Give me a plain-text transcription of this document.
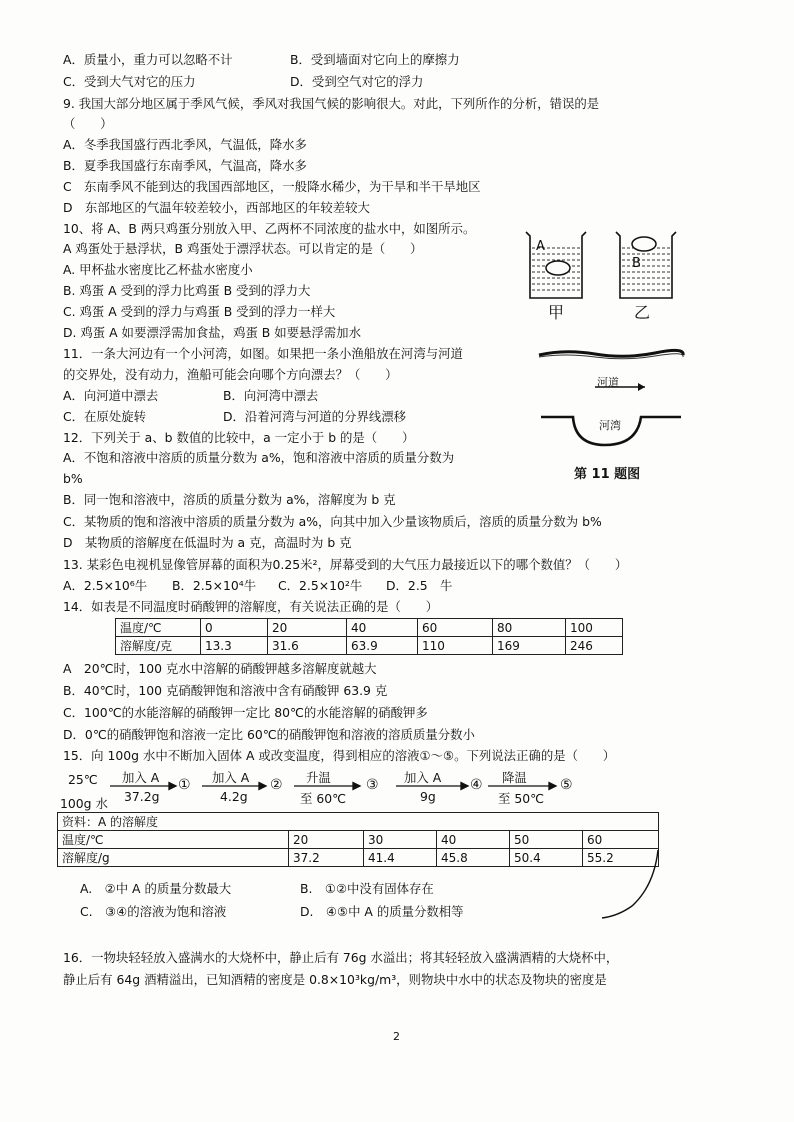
A．质量小，重力可以忽略不计	B．受到墙面对它向上的摩擦力
C．受到大气对它的压力	D．受到空气对它的浮力
9. 我国大部分地区属于季风气候，季风对我国气候的影响很大。对此，下列所作的分析，错误的是
（　　）
A．冬季我国盛行西北季风，气温低，降水多
B．夏季我国盛行东南季风，气温高，降水多
C　东南季风不能到达的我国西部地区，一般降水稀少，为干旱和半干旱地区
D　东部地区的气温年较差较小，西部地区的年较差较大
10、将 A、B 两只鸡蛋分别放入甲、乙两杯不同浓度的盐水中，如图所示。
A 鸡蛋处于悬浮状，B 鸡蛋处于漂浮状态。可以肯定的是（　　）
A. 甲杯盐水密度比乙杯盐水密度小
B. 鸡蛋 A 受到的浮力比鸡蛋 B 受到的浮力大
C. 鸡蛋 A 受到的浮力与鸡蛋 B 受到的浮力一样大
D. 鸡蛋 A 如要漂浮需加食盐，鸡蛋 B 如要悬浮需加水
A
B
甲	乙
11．一条大河边有一个小河湾，如图。如果把一条小渔船放在河湾与河道
的交界处，没有动力，渔船可能会向哪个方向漂去？（　　）
A．向河道中漂去	B．向河湾中漂去
C．在原处旋转	D．沿着河湾与河道的分界线漂移
河道
河湾
第 11 题图
12．下列关于 a、b 数值的比较中，a 一定小于 b 的是（　　）
A．不饱和溶液中溶质的质量分数为 a%，饱和溶液中溶质的质量分数为
b%
B．同一饱和溶液中，溶质的质量分数为 a%，溶解度为 b 克
C．某物质的饱和溶液中溶质的质量分数为 a%，向其中加入少量该物质后，溶质的质量分数为 b%
D　某物质的溶解度在低温时为 a 克，高温时为 b 克
13. 某彩色电视机显像管屏幕的面积为0.25米²，屏幕受到的大气压力最接近以下的哪个数值？（　　）
A．2.5×10⁶牛 B．2.5×10⁴牛 C．2.5×10²牛 D．2.5　牛
14．如表是不同温度时硝酸钾的溶解度，有关说法正确的是（　　）
温度/℃	0	20	40	60	80	100
溶解度/克	13.3	31.6	63.9	110	169	246
A　20℃时，100 克水中溶解的硝酸钾越多溶解度就越大
B．40℃时，100 克硝酸钾饱和溶液中含有硝酸钾 63.9 克
C．100℃的水能溶解的硝酸钾一定比 80℃的水能溶解的硝酸钾多
D．0℃的硝酸钾饱和溶液一定比 60℃的硝酸钾饱和溶液的溶质质量分数小
15．向 100g 水中不断加入固体 A 或改变温度，得到相应的溶液①～⑤。下列说法正确的是（　　）
25℃
100g 水
加入 A
37.2g
① 加入 A
4.2g
② 升温
至 60℃
③ 加入 A
9g
④ 降温
至 50℃
⑤
资料：A 的溶解度					
温度/℃	20	30	40	50	60
溶解度/g	37.2	41.4	45.8	50.4	55.2
A.　②中 A 的质量分数最大	B.　①②中没有固体存在
C.　③④的溶液为饱和溶液	D.　④⑤中 A 的质量分数相等
16．一物块轻轻放入盛满水的大烧杯中，静止后有 76g 水溢出；将其轻轻放入盛满酒精的大烧杯中，
静止后有 64g 酒精溢出，已知酒精的密度是 0.8×10³kg/m³，则物块中水中的状态及物块的密度是
2
